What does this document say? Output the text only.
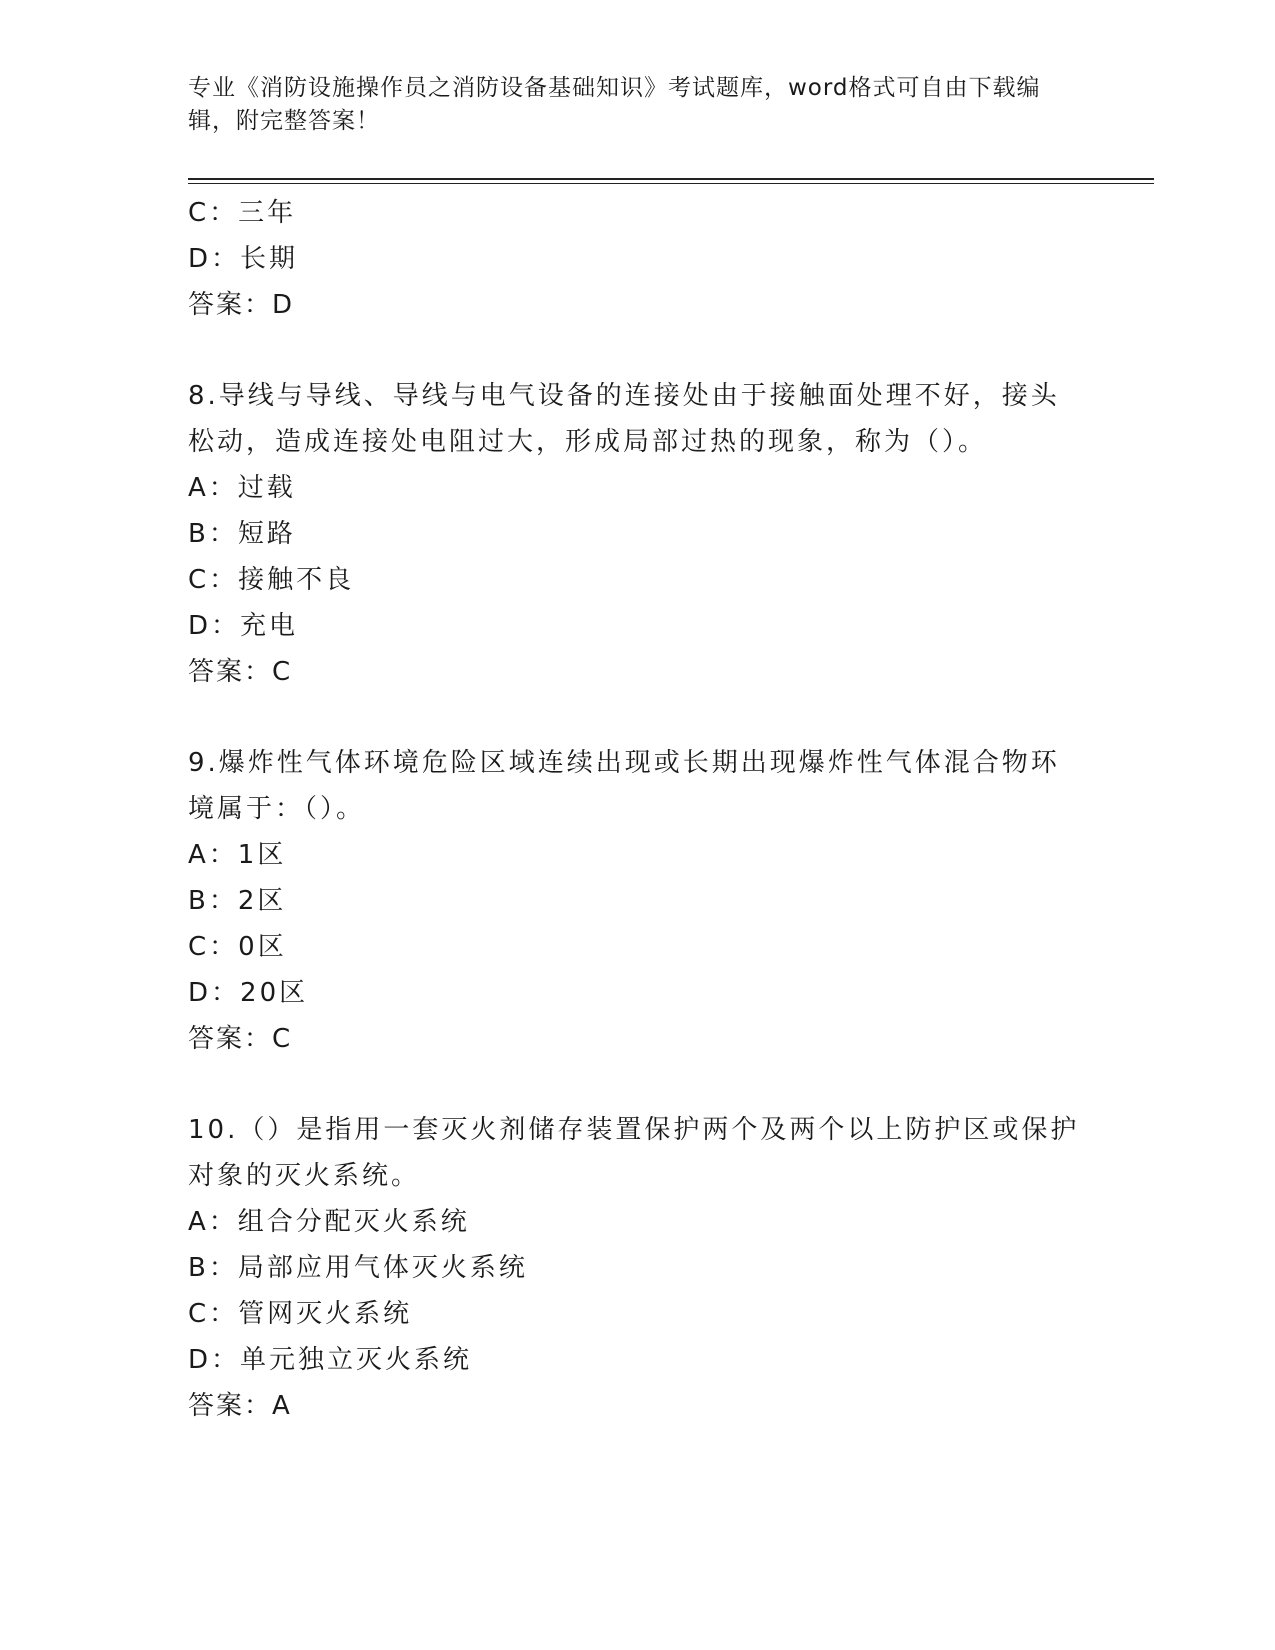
专业《消防设施操作员之消防设备基础知识》考试题库，word格式可自由下载编
辑，附完整答案！
C：三年
D：长期
答案：D
8.导线与导线、导线与电气设备的连接处由于接触面处理不好，接头
松动，造成连接处电阻过大，形成局部过热的现象，称为（）。
A：过载
B：短路
C：接触不良
D：充电
答案：C
9.爆炸性气体环境危险区域连续出现或长期出现爆炸性气体混合物环
境属于：（）。
A：1区
B：2区
C：0区
D：20区
答案：C
10.（）是指用一套灭火剂储存装置保护两个及两个以上防护区或保护
对象的灭火系统。
A：组合分配灭火系统
B：局部应用气体灭火系统
C：管网灭火系统
D：单元独立灭火系统
答案：A
